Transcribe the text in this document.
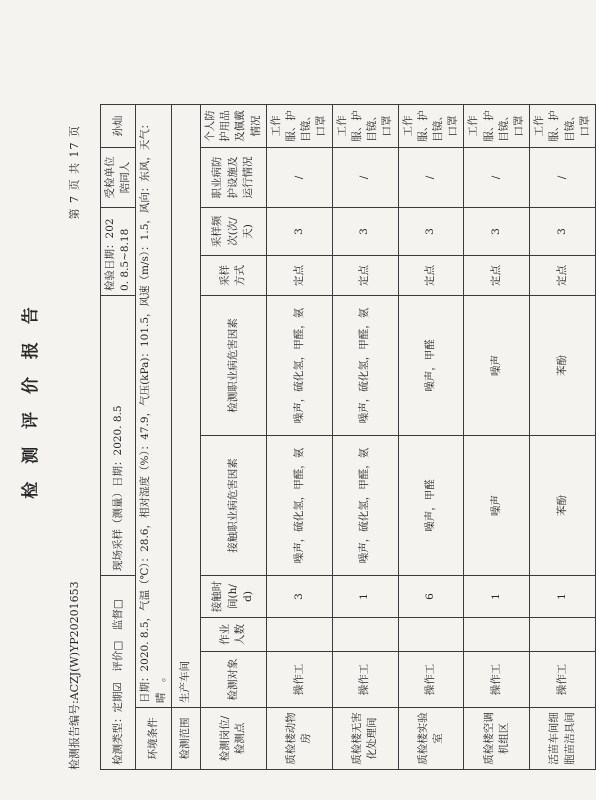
检 测 评 价 报 告
检测报告编号:ACZJ(W)YP20201653
第 7 页 共 17 页
检测类型：定期☑　评价□　监督□				现场采样（测量）日期：2020. 8.5		检验日期：2020. 8.5~8.18		受检单位陪同人	孙灿
环境条件	日期：2020. 8.5，气温（℃）：28.6，相对湿度（%）：47.9，气压(kPa)：101.5，风速（m/s）：1.5，风向：东风，天气：晴　。								
检测范围	生产车间								
检测岗位/检测点	检测对象	作业人数	接触时间(h/d)	接触职业病危害因素	检测职业病危害因素	采样方式	采样频次(次/天)	职业病防护设施及运行情况	个人防护用品及佩戴情况
质检楼动物房	操作工		3	噪声，硫化氢，甲醛，氨	噪声，硫化氢，甲醛，氨	定点	3	/	工作服、护目镜、口罩
质检楼无害化处理间	操作工		1	噪声，硫化氢，甲醛，氨	噪声，硫化氢，甲醛，氨	定点	3	/	工作服、护目镜、口罩
质检楼实验室	操作工		6	噪声，甲醛	噪声，甲醛	定点	3	/	工作服、护目镜、口罩
质检楼空调机组区	操作工		1	噪声	噪声	定点	3	/	工作服、护目镜、口罩
活苗车间细胞苗洁具间	操作工		1	苯酚	苯酚	定点	3	/	工作服、护目镜、口罩
